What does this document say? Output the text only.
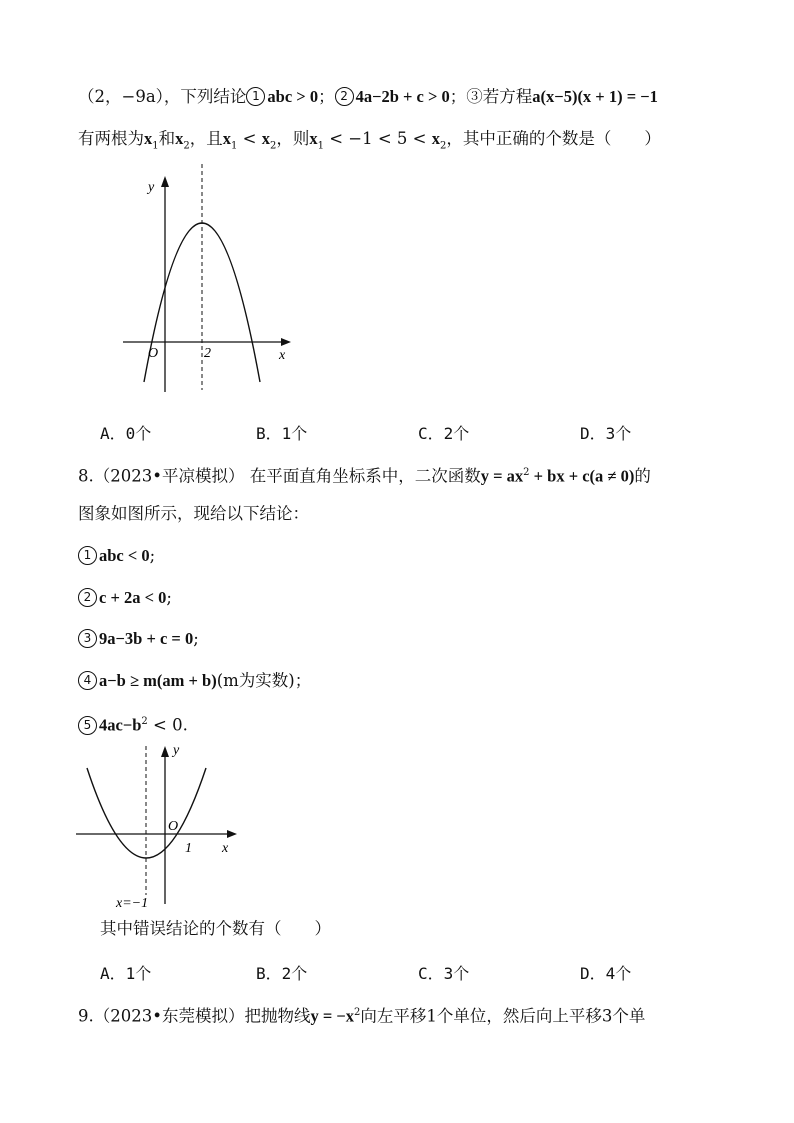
（2，−9a），下列结论 1 abc > 0； 2 4a−2b + c > 0；③若方程a(x−5)(x + 1) = −1
有两根为$x_1$和$x_2$，且$x_1 < x_2$，则$x_1 < -1 < 5 < x_2$，其中正确的个数是（　　）
y
O	2	x
A．0个	B．1个	C．2个	D．3个
8.（2023•平凉模拟） 在平面直角坐标系中，二次函数$y = ax^2$ + bx + c(a ≠ 0)的
图象如图所示，现给以下结论：
1 abc < 0;
2 c + 2a < 0;
3 9a−3b + c = 0;
4 a−b ≥ m(am + b)(m为实数)；
5 $4ac-b^2 < 0$.
y
O
1 x
x=−1
其中错误结论的个数有（　　）
A．1个	B．2个	C．3个	D．4个
9.（2023•东莞模拟）把抛物线$y = -x^2$向左平移1个单位，然后向上平移3个单
